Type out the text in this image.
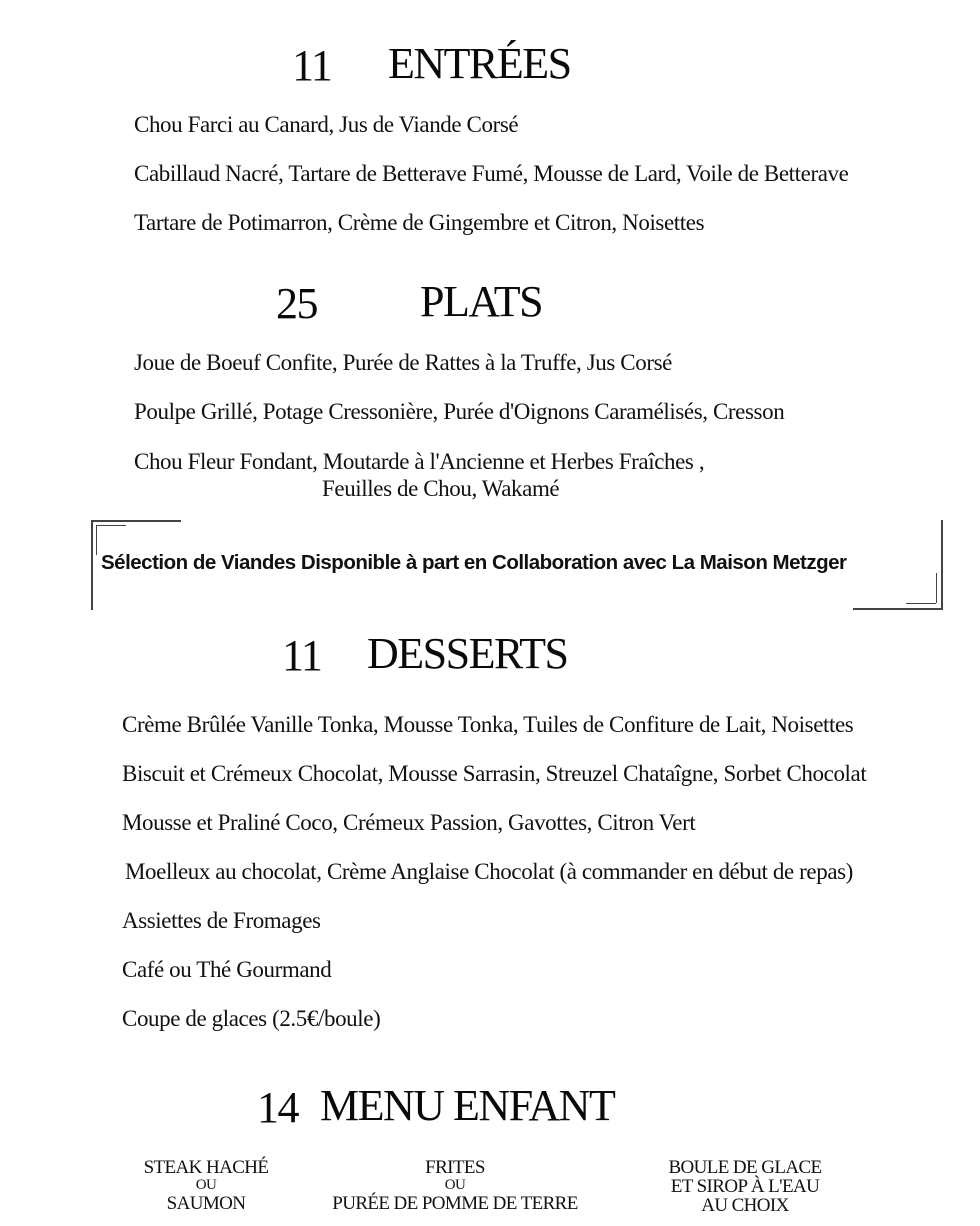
11 ENTRÉES
Chou Farci au Canard, Jus de Viande Corsé
Cabillaud Nacré, Tartare de Betterave Fumé, Mousse de Lard, Voile de Betterave
Tartare de Potimarron, Crème de Gingembre et Citron, Noisettes
25 PLATS
Joue de Boeuf Confite, Purée de Rattes à la Truffe, Jus Corsé
Poulpe Grillé, Potage Cressonière, Purée d'Oignons Caramélisés, Cresson
Chou Fleur Fondant, Moutarde à l'Ancienne et Herbes Fraîches ,
Feuilles de Chou, Wakamé
Sélection de Viandes Disponible à part en Collaboration avec La Maison Metzger
11 DESSERTS
Crème Brûlée Vanille Tonka, Mousse Tonka, Tuiles de Confiture de Lait, Noisettes
Biscuit et Crémeux Chocolat, Mousse Sarrasin, Streuzel Chataîgne, Sorbet Chocolat
Mousse et Praliné Coco, Crémeux Passion, Gavottes, Citron Vert
Moelleux au chocolat, Crème Anglaise Chocolat (à commander en début de repas)
Assiettes de Fromages
Café ou Thé Gourmand
Coupe de glaces (2.5€/boule)
14 MENU ENFANT
STEAK HACHÉ
OU
SAUMON
FRITES
OU
PURÉE DE POMME DE TERRE
BOULE DE GLACE
ET SIROP À L'EAU
AU CHOIX
